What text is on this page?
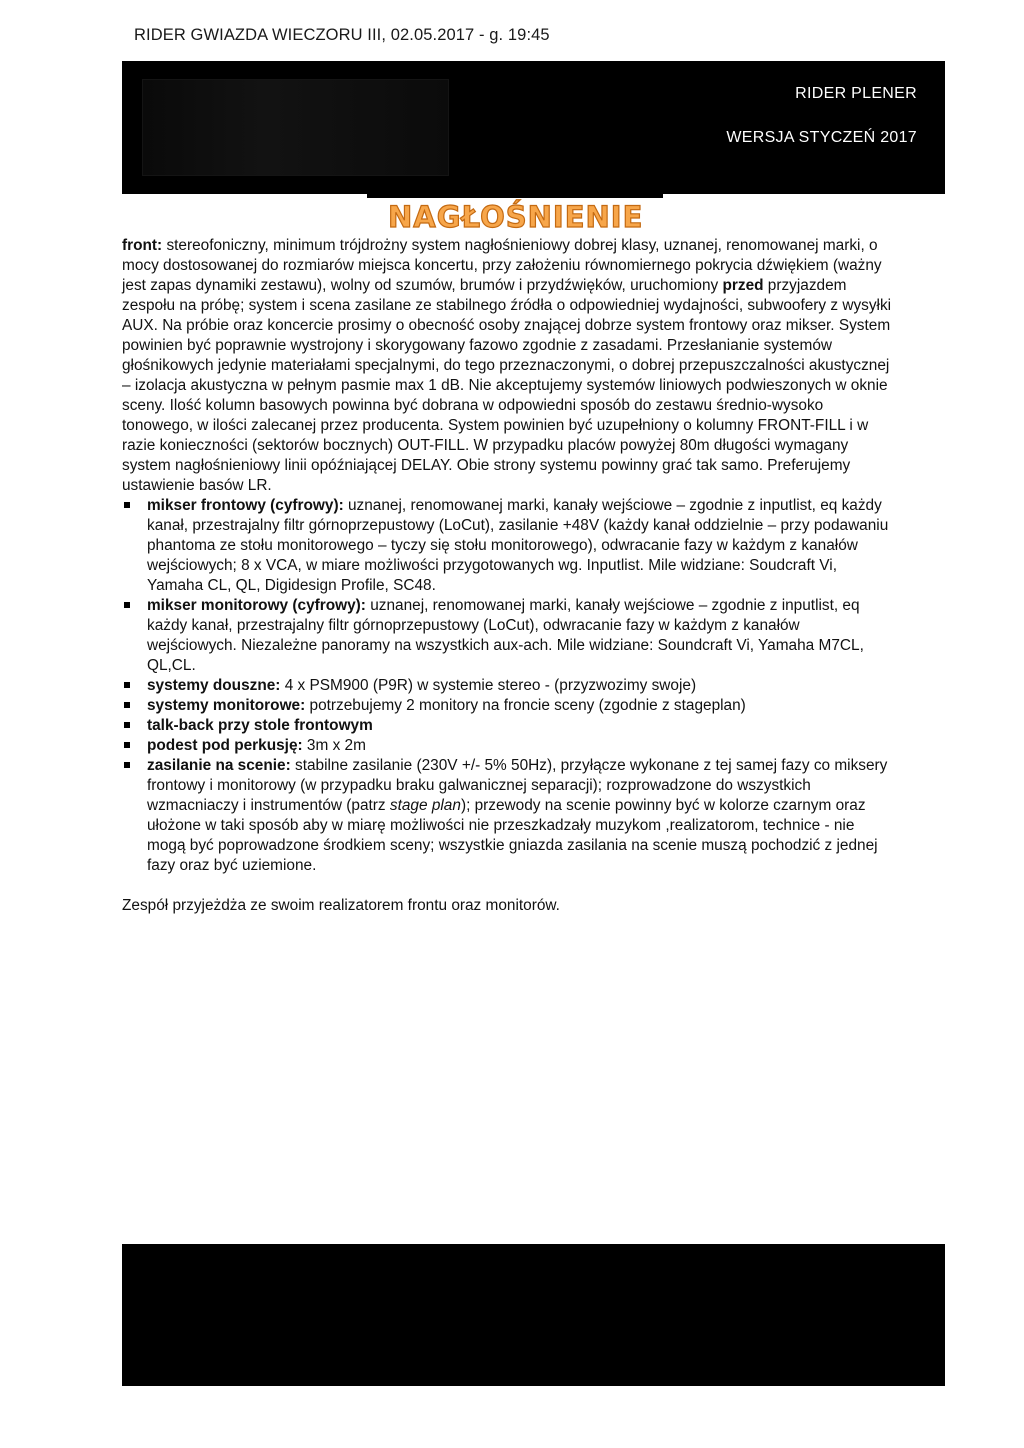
RIDER GWIAZDA WIECZORU III, 02.05.2017 - g. 19:45
RIDER PLENER
WERSJA STYCZEŃ 2017
NAGŁOŚNIENIE

front: stereofoniczny, minimum trójdrożny system nagłośnieniowy dobrej klasy, uznanej, renomowanej marki, o mocy dostosowanej do rozmiarów miejsca koncertu, przy założeniu równomiernego pokrycia dźwiękiem (ważny jest zapas dynamiki zestawu), wolny od szumów, brumów i przydźwięków, uruchomiony przed przyjazdem zespołu na próbę; system i scena zasilane ze stabilnego źródła o odpowiedniej wydajności, subwoofery z wysyłki AUX. Na próbie oraz koncercie prosimy o obecność osoby znającej dobrze system frontowy oraz mikser. System powinien być poprawnie wystrojony i skorygowany fazowo zgodnie z zasadami. Przesłanianie systemów głośnikowych jedynie materiałami specjalnymi, do tego przeznaczonymi, o dobrej przepuszczalności akustycznej – izolacja akustyczna w pełnym pasmie max 1 dB. Nie akceptujemy systemów liniowych podwieszonych w oknie sceny. Ilość kolumn basowych powinna być dobrana w odpowiedni sposób do zestawu średnio-wysoko tonowego, w ilości zalecanej przez producenta. System powinien być uzupełniony o kolumny FRONT-FILL i w razie konieczności (sektorów bocznych) OUT-FILL. W przypadku placów powyżej 80m długości wymagany system nagłośnieniowy linii opóźniającej DELAY. Obie strony systemu powinny grać tak samo. Preferujemy ustawienie basów LR.

mikser frontowy (cyfrowy): uznanej, renomowanej marki, kanały wejściowe – zgodnie z inputlist, eq każdy kanał, przestrajalny filtr górnoprzepustowy (LoCut), zasilanie +48V (każdy kanał oddzielnie – przy podawaniu phantoma ze stołu monitorowego – tyczy się stołu monitorowego), odwracanie fazy w każdym z kanałów wejściowych; 8 x VCA, w miare możliwości przygotowanych wg. Inputlist. Mile widziane: Soudcraft Vi, Yamaha CL, QL, Digidesign Profile, SC48.

mikser monitorowy (cyfrowy): uznanej, renomowanej marki, kanały wejściowe – zgodnie z inputlist, eq każdy kanał, przestrajalny filtr górnoprzepustowy (LoCut), odwracanie fazy w każdym z kanałów wejściowych. Niezależne panoramy na wszystkich aux-ach. Mile widziane: Soundcraft Vi, Yamaha M7CL, QL,CL.

systemy douszne: 4 x PSM900 (P9R) w systemie stereo - (przyzwozimy swoje)

systemy monitorowe: potrzebujemy 2 monitory na froncie sceny (zgodnie z stageplan)

talk-back przy stole frontowym

podest pod perkusję: 3m x 2m

zasilanie na scenie: stabilne zasilanie (230V +/- 5% 50Hz), przyłącze wykonane z tej samej fazy co miksery frontowy i monitorowy (w przypadku braku galwanicznej separacji); rozprowadzone do wszystkich wzmacniaczy i instrumentów (patrz stage plan); przewody na scenie powinny być w kolorze czarnym oraz ułożone w taki sposób aby w miarę możliwości nie przeszkadzały muzykom ,realizatorom, technice - nie mogą być poprowadzone środkiem sceny; wszystkie gniazda zasilania na scenie muszą pochodzić z jednej fazy oraz być uziemione.

Zespół przyjeżdża ze swoim realizatorem frontu oraz monitorów.
